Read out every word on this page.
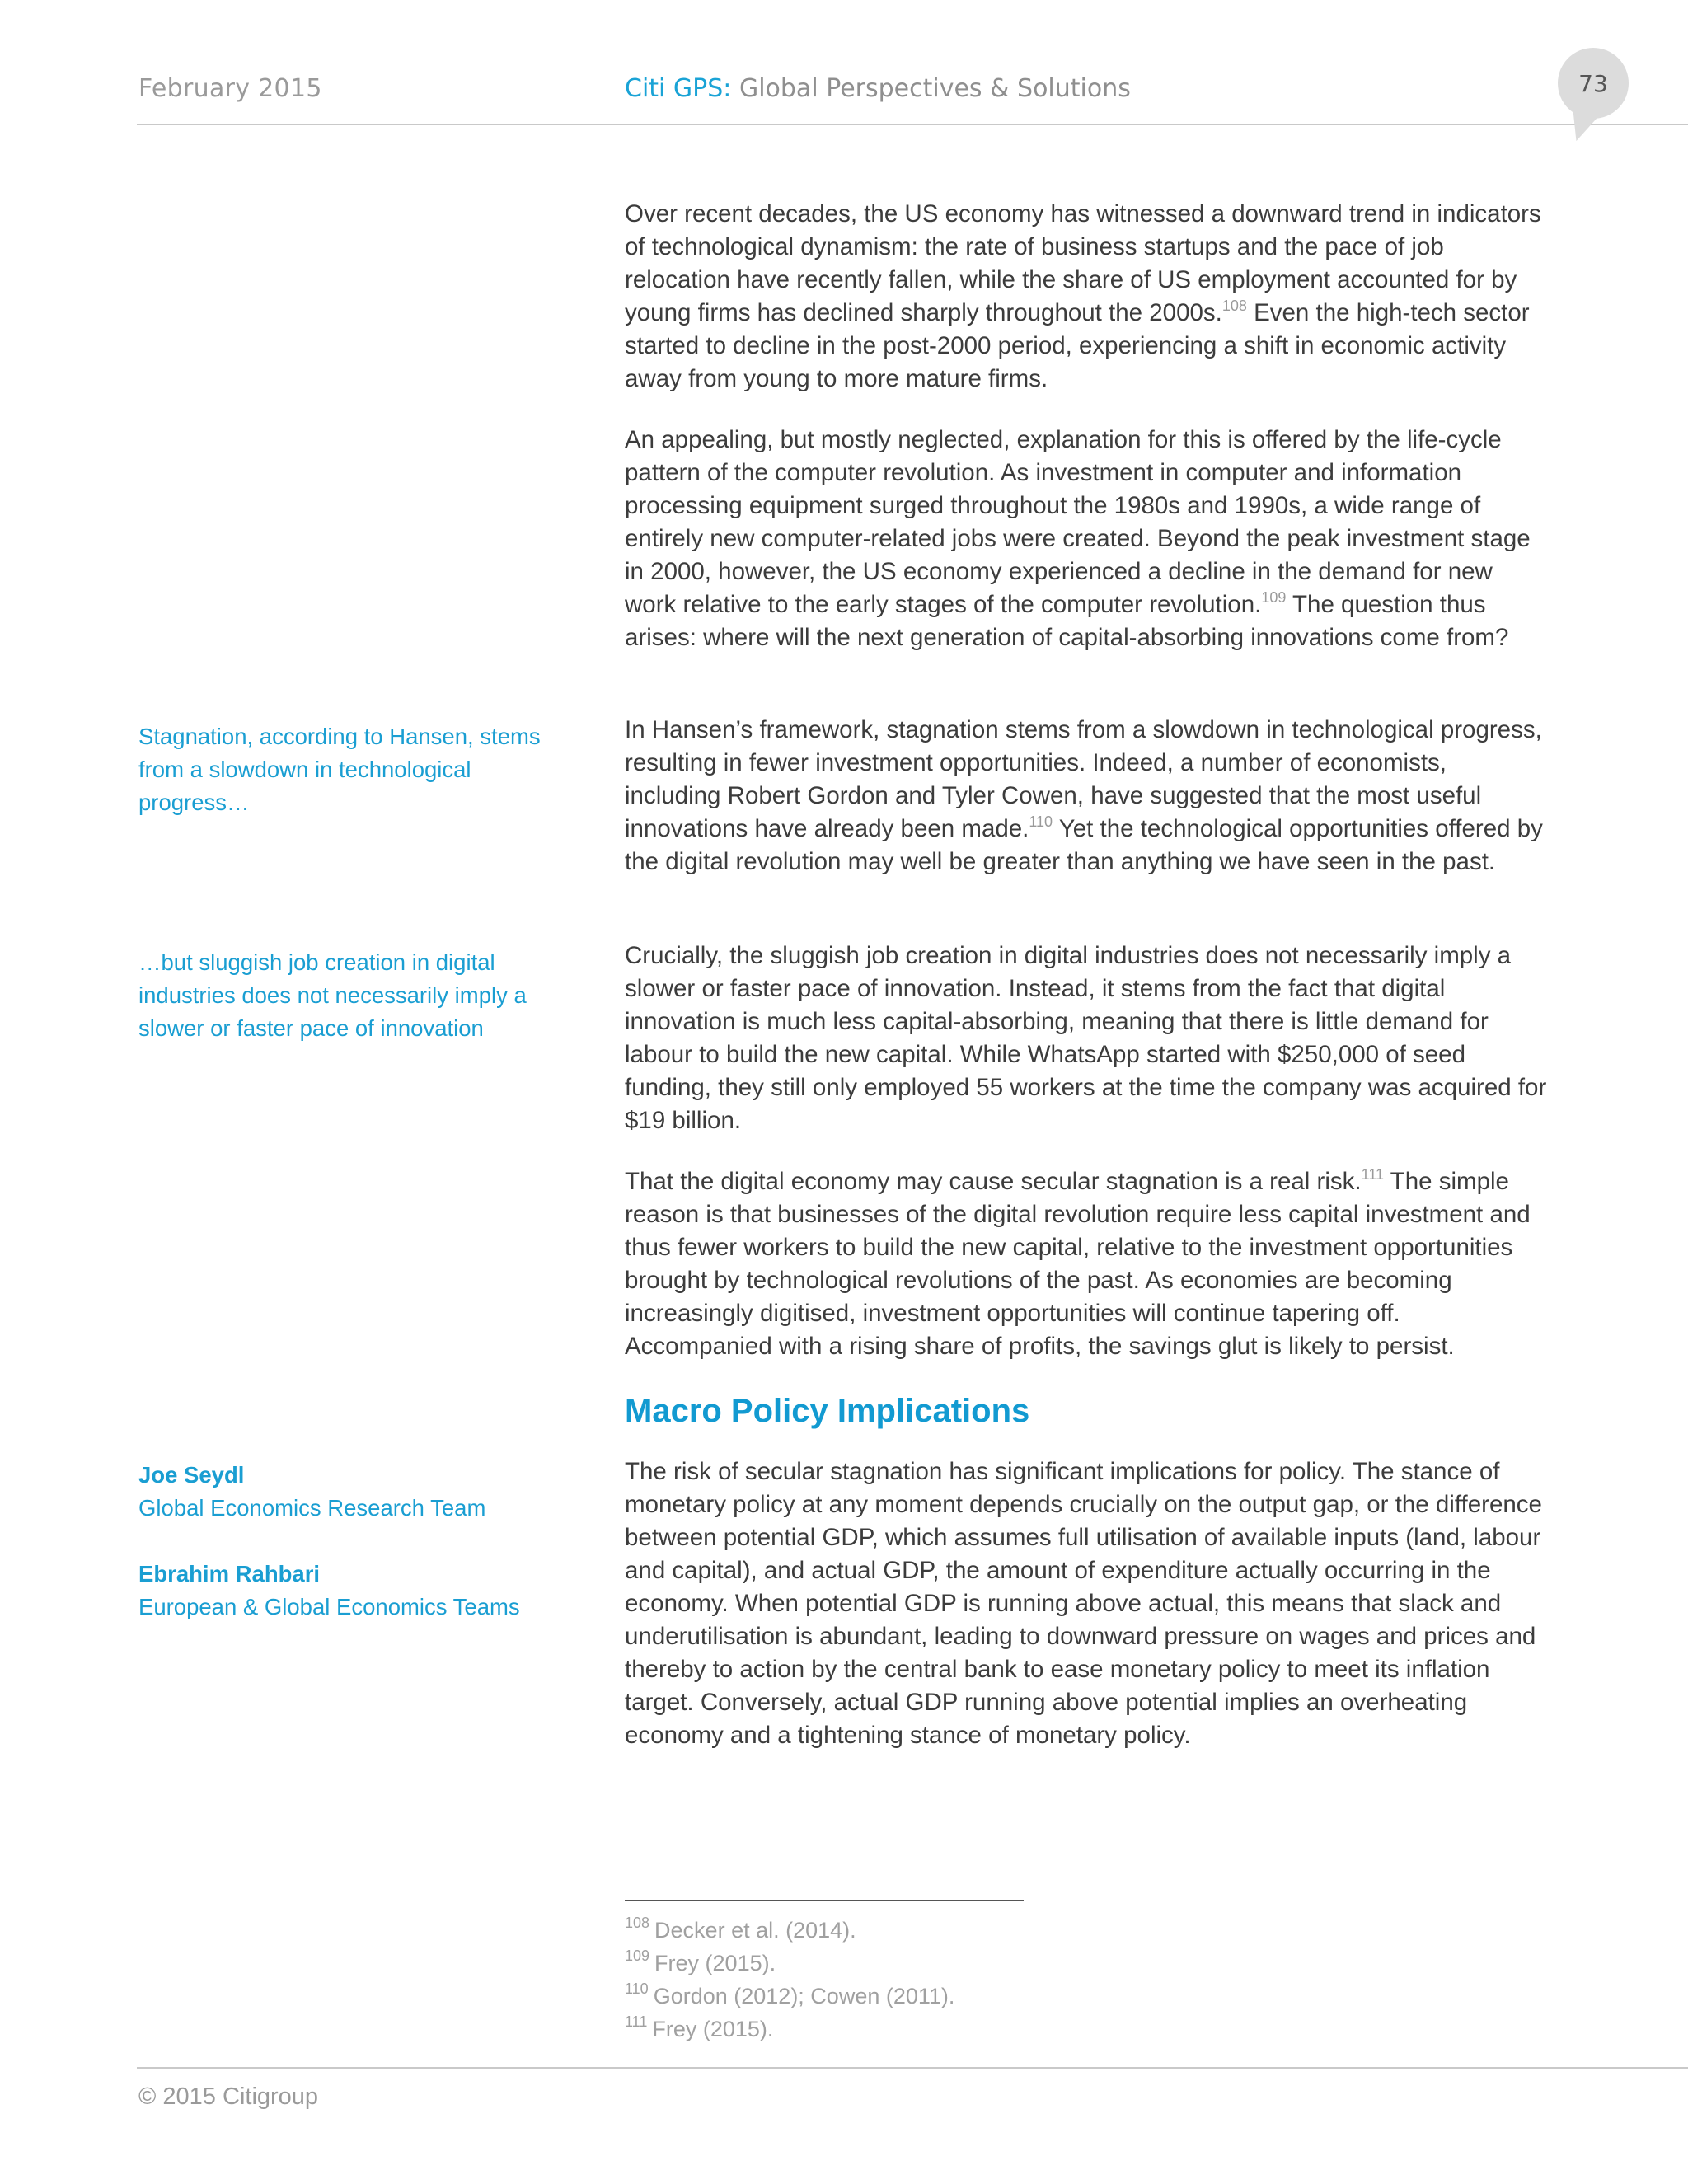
February 2015	Citi GPS: Global Perspectives & Solutions	73

Over recent decades, the US economy has witnessed a downward trend in indicators of technological dynamism: the rate of business startups and the pace of job relocation have recently fallen, while the share of US employment accounted for by young firms has declined sharply throughout the 2000s.$^{108}$ Even the high-tech sector started to decline in the post-2000 period, experiencing a shift in economic activity away from young to more mature firms.

An appealing, but mostly neglected, explanation for this is offered by the life-cycle pattern of the computer revolution. As investment in computer and information processing equipment surged throughout the 1980s and 1990s, a wide range of entirely new computer-related jobs were created. Beyond the peak investment stage in 2000, however, the US economy experienced a decline in the demand for new work relative to the early stages of the computer revolution.$^{109}$ The question thus arises: where will the next generation of capital-absorbing innovations come from?

In Hansen’s framework, stagnation stems from a slowdown in technological progress, resulting in fewer investment opportunities. Indeed, a number of economists, including Robert Gordon and Tyler Cowen, have suggested that the most useful innovations have already been made.$^{110}$ Yet the technological opportunities offered by the digital revolution may well be greater than anything we have seen in the past.

Crucially, the sluggish job creation in digital industries does not necessarily imply a slower or faster pace of innovation. Instead, it stems from the fact that digital innovation is much less capital-absorbing, meaning that there is little demand for labour to build the new capital. While WhatsApp started with $250,000 of seed funding, they still only employed 55 workers at the time the company was acquired for $19 billion.

That the digital economy may cause secular stagnation is a real risk.$^{111}$ The simple reason is that businesses of the digital revolution require less capital investment and thus fewer workers to build the new capital, relative to the investment opportunities brought by technological revolutions of the past. As economies are becoming increasingly digitised, investment opportunities will continue tapering off. Accompanied with a rising share of profits, the savings glut is likely to persist.

Macro Policy Implications

The risk of secular stagnation has significant implications for policy. The stance of monetary policy at any moment depends crucially on the output gap, or the difference between potential GDP, which assumes full utilisation of available inputs (land, labour and capital), and actual GDP, the amount of expenditure actually occurring in the economy. When potential GDP is running above actual, this means that slack and underutilisation is abundant, leading to downward pressure on wages and prices and thereby to action by the central bank to ease monetary policy to meet its inflation target. Conversely, actual GDP running above potential implies an overheating economy and a tightening stance of monetary policy.

Stagnation, according to Hansen, stems from a slowdown in technological progress…
…but sluggish job creation in digital industries does not necessarily imply a slower or faster pace of innovation
Joe Seydl
Global Economics Research Team
Ebrahim Rahbari
European & Global Economics Teams
$^{108}$ Decker et al. (2014).
$^{109}$ Frey (2015).
$^{110}$ Gordon (2012); Cowen (2011).
$^{111}$ Frey (2015).
© 2015 Citigroup
